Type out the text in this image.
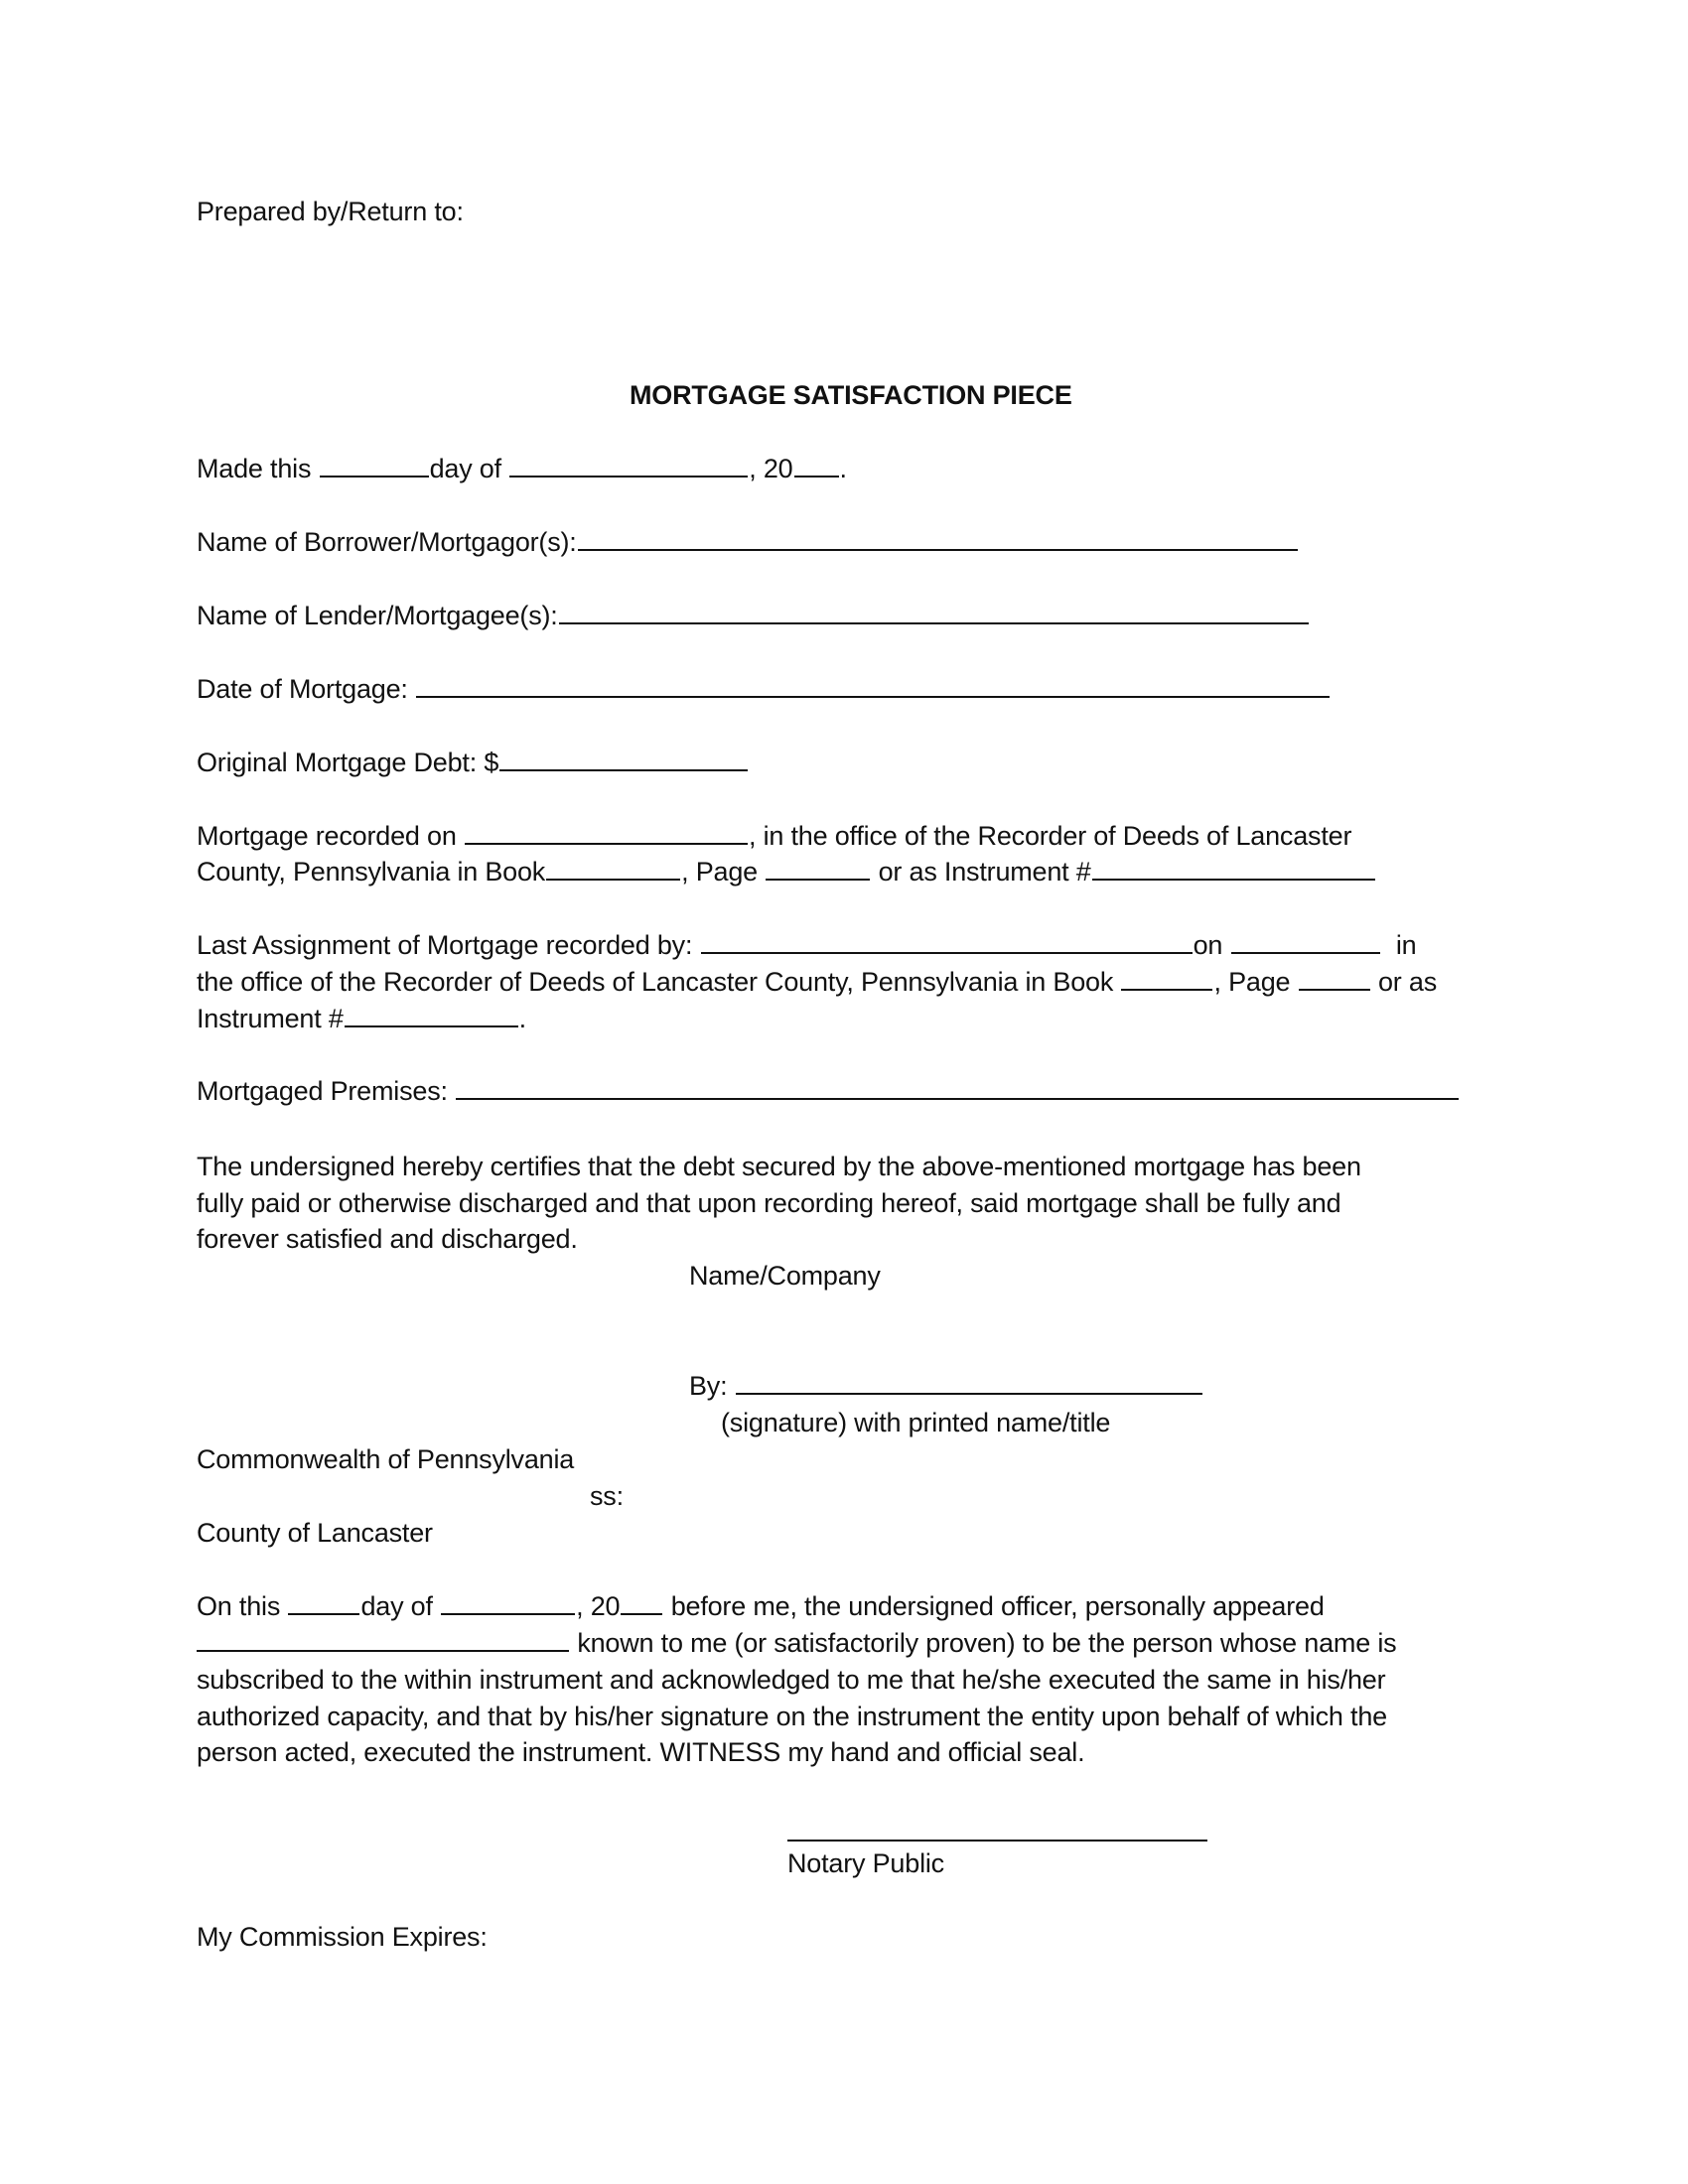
Prepared by/Return to:
MORTGAGE SATISFACTION PIECE
Made this	day of	, 20 .
Name of Borrower/Mortgagor(s):
Name of Lender/Mortgagee(s):
Date of Mortgage:
Original Mortgage Debt: $
Mortgage recorded on	, in the office of the Recorder of Deeds of Lancaster
County, Pennsylvania in Book	, Page	or as Instrument #
Last Assignment of Mortgage recorded by:	on	in
the office of the Recorder of Deeds of Lancaster County, Pennsylvania in Book	, Page	or as
Instrument #	.
Mortgaged Premises:
The undersigned hereby certifies that the debt secured by the above-mentioned mortgage has been
fully paid or otherwise discharged and that upon recording hereof, said mortgage shall be fully and
forever satisfied and discharged.
Name/Company
By:
(signature) with printed name/title
Commonwealth of Pennsylvania
ss:
County of Lancaster
On this	day of	, 20 before me, the undersigned officer, personally appeared
known to me (or satisfactorily proven) to be the person whose name is
subscribed to the within instrument and acknowledged to me that he/she executed the same in his/her
authorized capacity, and that by his/her signature on the instrument the entity upon behalf of which the
person acted, executed the instrument. WITNESS my hand and official seal.
Notary Public
My Commission Expires:
